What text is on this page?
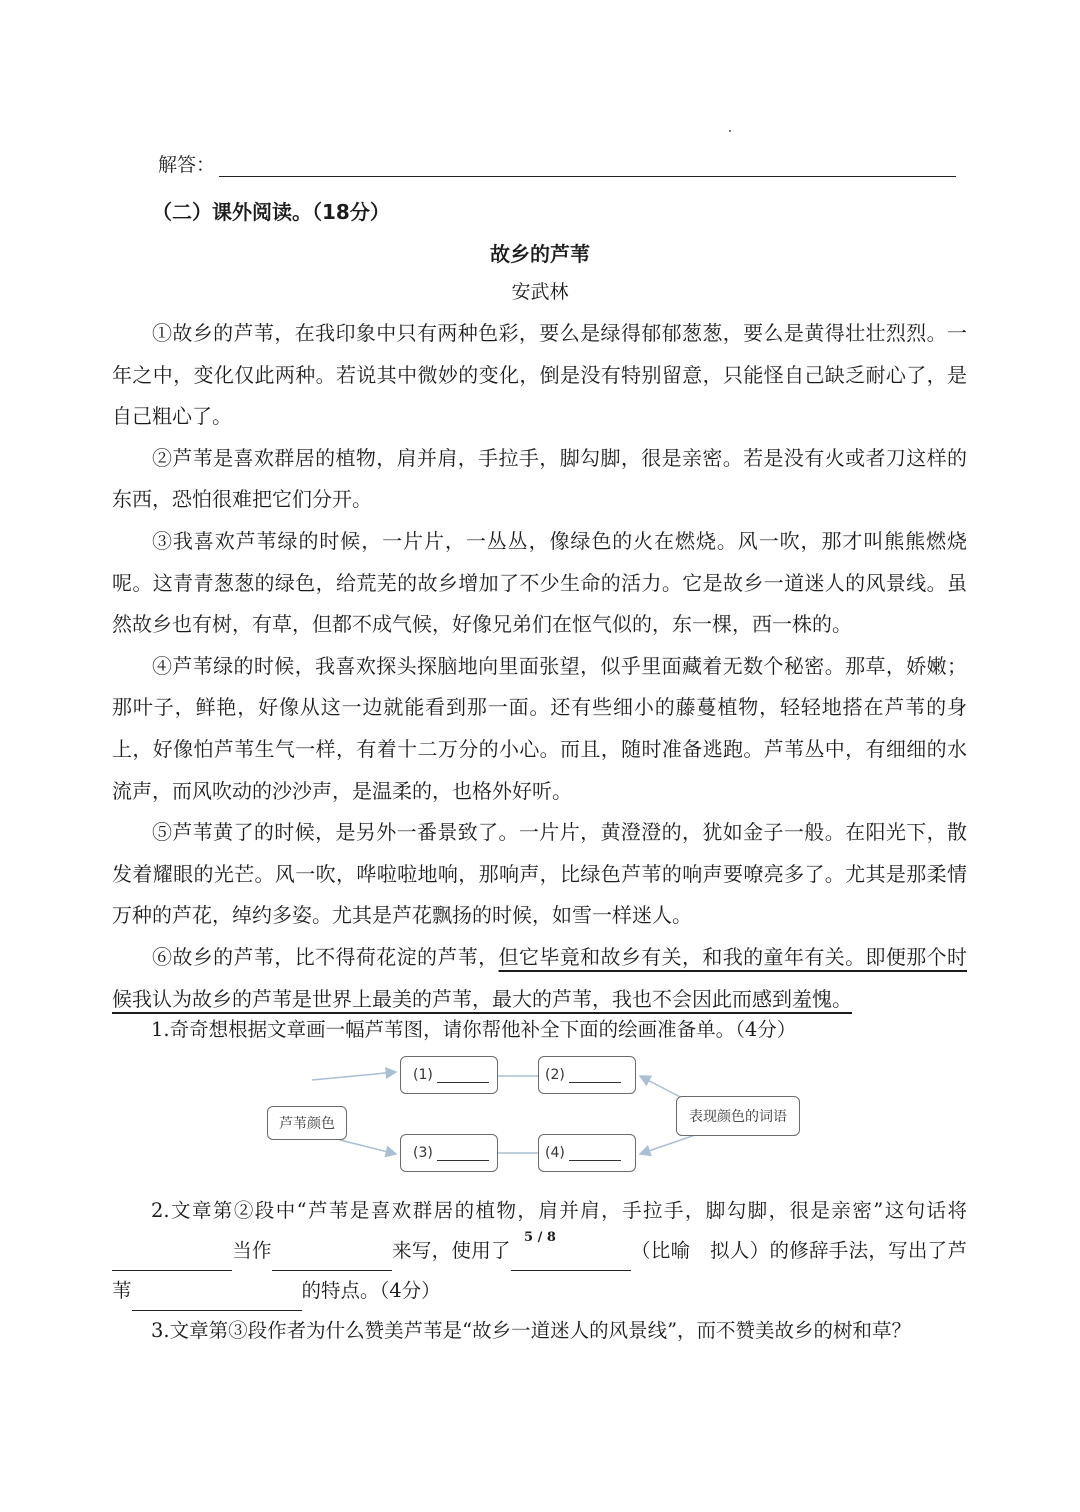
解答：
（二）课外阅读。（18分）
故乡的芦苇
安武林

①故乡的芦苇，在我印象中只有两种色彩，要么是绿得郁郁葱葱，要么是黄得壮壮烈烈。一年之中，变化仅此两种。若说其中微妙的变化，倒是没有特别留意，只能怪自己缺乏耐心了，是自己粗心了。

②芦苇是喜欢群居的植物，肩并肩，手拉手，脚勾脚，很是亲密。若是没有火或者刀这样的东西，恐怕很难把它们分开。

③我喜欢芦苇绿的时候，一片片，一丛丛，像绿色的火在燃烧。风一吹，那才叫熊熊燃烧呢。这青青葱葱的绿色，给荒芜的故乡增加了不少生命的活力。它是故乡一道迷人的风景线。虽然故乡也有树，有草，但都不成气候，好像兄弟们在怄气似的，东一棵，西一株的。

④芦苇绿的时候，我喜欢探头探脑地向里面张望，似乎里面藏着无数个秘密。那草，娇嫩；那叶子，鲜艳，好像从这一边就能看到那一面。还有些细小的藤蔓植物，轻轻地搭在芦苇的身上，好像怕芦苇生气一样，有着十二万分的小心。而且，随时准备逃跑。芦苇丛中，有细细的水流声，而风吹动的沙沙声，是温柔的，也格外好听。

⑤芦苇黄了的时候，是另外一番景致了。一片片，黄澄澄的，犹如金子一般。在阳光下，散发着耀眼的光芒。风一吹，哗啦啦地响，那响声，比绿色芦苇的响声要嘹亮多了。尤其是那柔情万种的芦花，绰约多姿。尤其是芦花飘扬的时候，如雪一样迷人。

⑥故乡的芦苇，比不得荷花淀的芦苇，但它毕竟和故乡有关，和我的童年有关。即便那个时候我认为故乡的芦苇是世界上最美的芦苇，最大的芦苇，我也不会因此而感到羞愧。

1.奇奇想根据文章画一幅芦苇图，请你帮他补全下面的绘画准备单。（4分）

芦苇颜色
(1)	(2)
(3)	(4)
表现颜色的词语

2.文章第②段中“芦苇是喜欢群居的植物，肩并肩，手拉手，脚勾脚，很是亲密”这句话将当作	来写，使用了	（比喻　拟人）的修辞手法，写出了芦苇	的特点。（4分）

3.文章第③段作者为什么赞美芦苇是“故乡一道迷人的风景线”，而不赞美故乡的树和草？

5 / 8
